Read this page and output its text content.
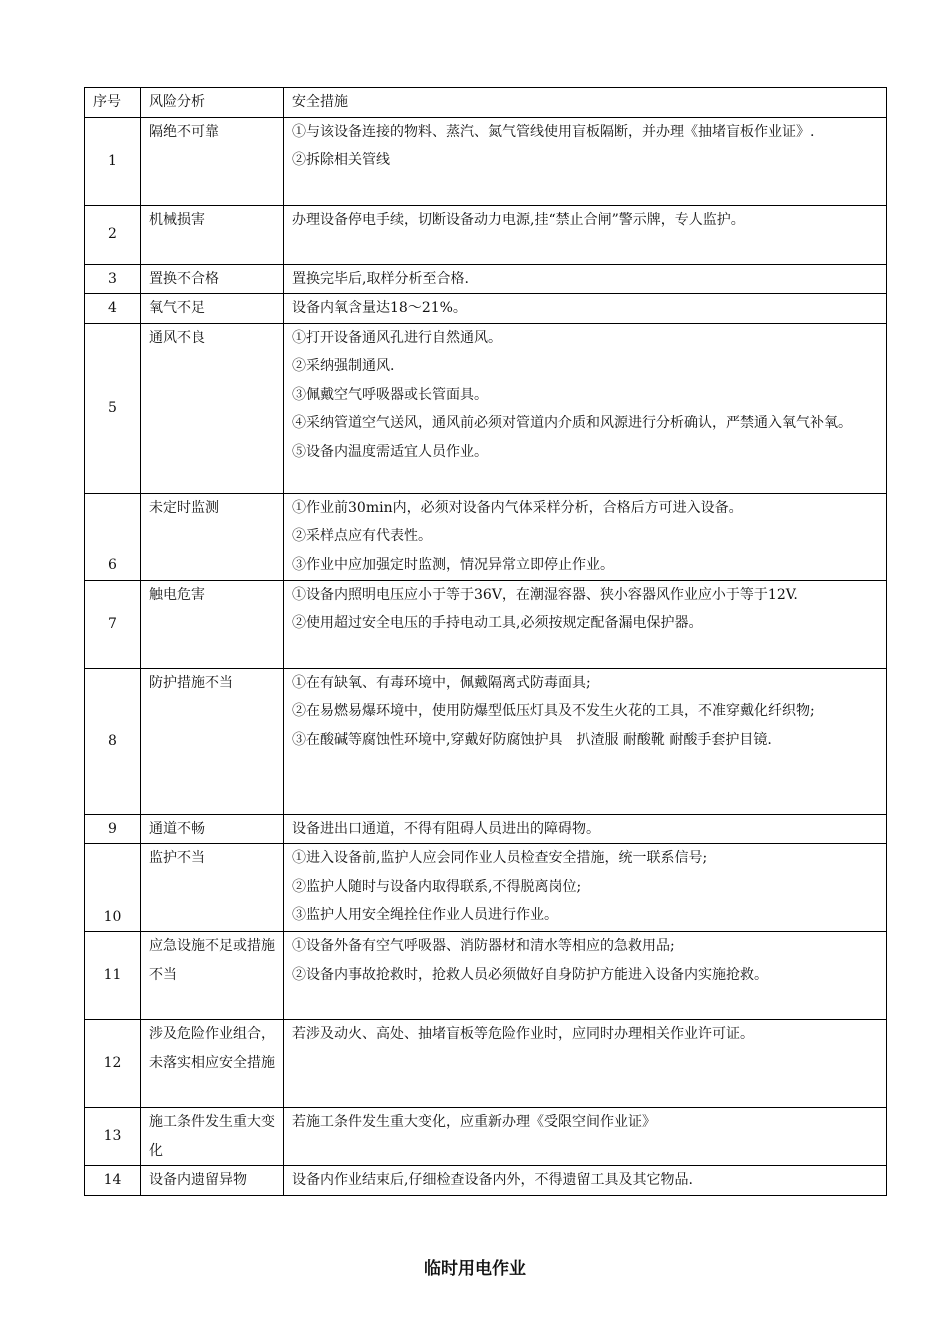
序号	风险分析	安全措施
1	隔绝不可靠	①与该设备连接的物料、蒸汽、氮气管线使用盲板隔断，并办理《抽堵盲板作业证》.
②拆除相关管线

2	机械损害	办理设备停电手续，切断设备动力电源,挂“禁止合闸”警示牌，专人监护。

3	置换不合格	置换完毕后,取样分析至合格.

4	氧气不足	设备内氧含量达18～21%。

5	通风不良	①打开设备通风孔进行自然通风。
②采纳强制通风.
③佩戴空气呼吸器或长管面具。
④采纳管道空气送风，通风前必须对管道内介质和风源进行分析确认，严禁通入氧气补氧。
⑤设备内温度需适宜人员作业。

6	未定时监测	①作业前30min内，必须对设备内气体采样分析，合格后方可进入设备。
②采样点应有代表性。
③作业中应加强定时监测，情况异常立即停止作业。

7	触电危害	①设备内照明电压应小于等于36V，在潮湿容器、狭小容器风作业应小于等于12V.
②使用超过安全电压的手持电动工具,必须按规定配备漏电保护器。

8	防护措施不当	①在有缺氧、有毒环境中，佩戴隔离式防毒面具;
②在易燃易爆环境中，使用防爆型低压灯具及不发生火花的工具，不准穿戴化纤织物;
③在酸碱等腐蚀性环境中,穿戴好防腐蚀护具　扒渣服 耐酸靴 耐酸手套护目镜.

9	通道不畅	设备进出口通道，不得有阻碍人员进出的障碍物。

10	监护不当	①进入设备前,监护人应会同作业人员检查安全措施，统一联系信号;
②监护人随时与设备内取得联系,不得脱离岗位;
③监护人用安全绳拴住作业人员进行作业。

11	应急设施不足或措施不当	①设备外备有空气呼吸器、消防器材和清水等相应的急救用品;
②设备内事故抢救时，抢救人员必须做好自身防护方能进入设备内实施抢救。

12	涉及危险作业组合，未落实相应安全措施	若涉及动火、高处、抽堵盲板等危险作业时，应同时办理相关作业许可证。

13	施工条件发生重大变化	若施工条件发生重大变化，应重新办理《受限空间作业证》

14	设备内遗留异物	设备内作业结束后,仔细检查设备内外，不得遗留工具及其它物品.
临时用电作业
